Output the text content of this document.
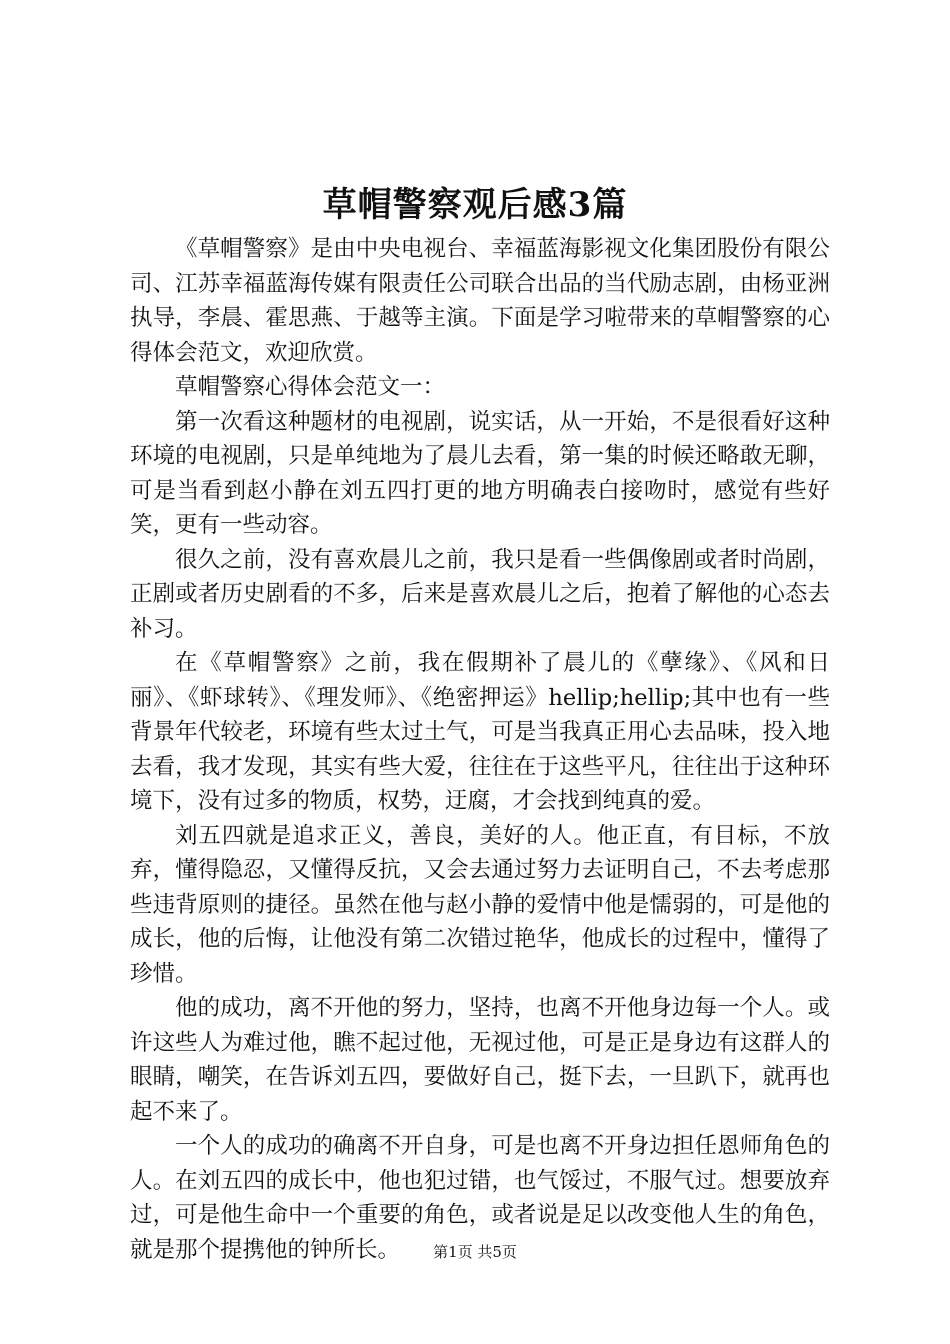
草帽警察观后感3篇

《草帽警察》是由中央电视台、幸福蓝海影视文化集团股份有限公司、江苏幸福蓝海传媒有限责任公司联合出品的当代励志剧，由杨亚洲执导，李晨、霍思燕、于越等主演。下面是学习啦带来的草帽警察的心得体会范文，欢迎欣赏。

草帽警察心得体会范文一：

第一次看这种题材的电视剧，说实话，从一开始，不是很看好这种环境的电视剧，只是单纯地为了晨儿去看，第一集的时候还略敢无聊，可是当看到赵小静在刘五四打更的地方明确表白接吻时，感觉有些好笑，更有一些动容。

很久之前，没有喜欢晨儿之前，我只是看一些偶像剧或者时尚剧，正剧或者历史剧看的不多，后来是喜欢晨儿之后，抱着了解他的心态去补习。

在《草帽警察》之前，我在假期补了晨儿的《孽缘》、《风和日丽》、《虾球转》、《理发师》、《绝密押运》hellip;hellip;其中也有一些背景年代较老，环境有些太过土气，可是当我真正用心去品味，投入地去看，我才发现，其实有些大爱，往往在于这些平凡，往往出于这种环境下，没有过多的物质，权势，迂腐，才会找到纯真的爱。

刘五四就是追求正义，善良，美好的人。他正直，有目标，不放弃，懂得隐忍，又懂得反抗，又会去通过努力去证明自己，不去考虑那些违背原则的捷径。虽然在他与赵小静的爱情中他是懦弱的，可是他的成长，他的后悔，让他没有第二次错过艳华，他成长的过程中，懂得了珍惜。

他的成功，离不开他的努力，坚持，也离不开他身边每一个人。或许这些人为难过他，瞧不起过他，无视过他，可是正是身边有这群人的眼睛，嘲笑，在告诉刘五四，要做好自己，挺下去，一旦趴下，就再也起不来了。

一个人的成功的确离不开自身，可是也离不开身边担任恩师角色的人。在刘五四的成长中，他也犯过错，也气馁过，不服气过。想要放弃过，可是他生命中一个重要的角色，或者说是足以改变他人生的角色，就是那个提携他的钟所长。	第1页 共5页
